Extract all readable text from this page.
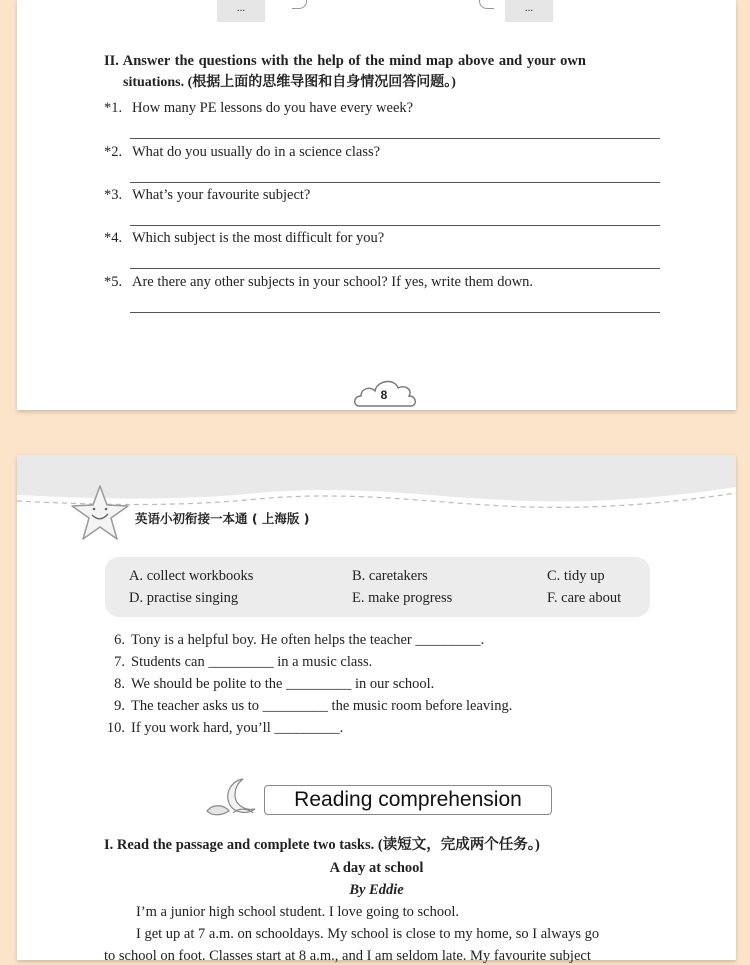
...	...
II. Answer the questions with the help of the mind map above and your own
situations. (根据上面的思维导图和自身情况回答问题。)
*1. How many PE lessons do you have every week?
*2. What do you usually do in a science class?
*3. What’s your favourite subject?
*4. Which subject is the most difficult for you?
*5. Are there any other subjects in your school? If yes, write them down.
8
英语小初衔接一本通 ( 上海版 )
A. collect workbooks	B. caretakers	C. tidy up
D. practise singing	E. make progress	F. care about
6. Tony is a helpful boy. He often helps the teacher _________.
7. Students can _________ in a music class.
8. We should be polite to the _________ in our school.
9. The teacher asks us to _________ the music room before leaving.
10. If you work hard, you’ll _________.
Reading comprehension
I. Read the passage and complete two tasks. (读短文，完成两个任务。)
A day at school
By Eddie
I’m a junior high school student. I love going to school.
I get up at 7 a.m. on schooldays. My school is close to my home, so I always go
to school on foot. Classes start at 8 a.m., and I am seldom late. My favourite subject
